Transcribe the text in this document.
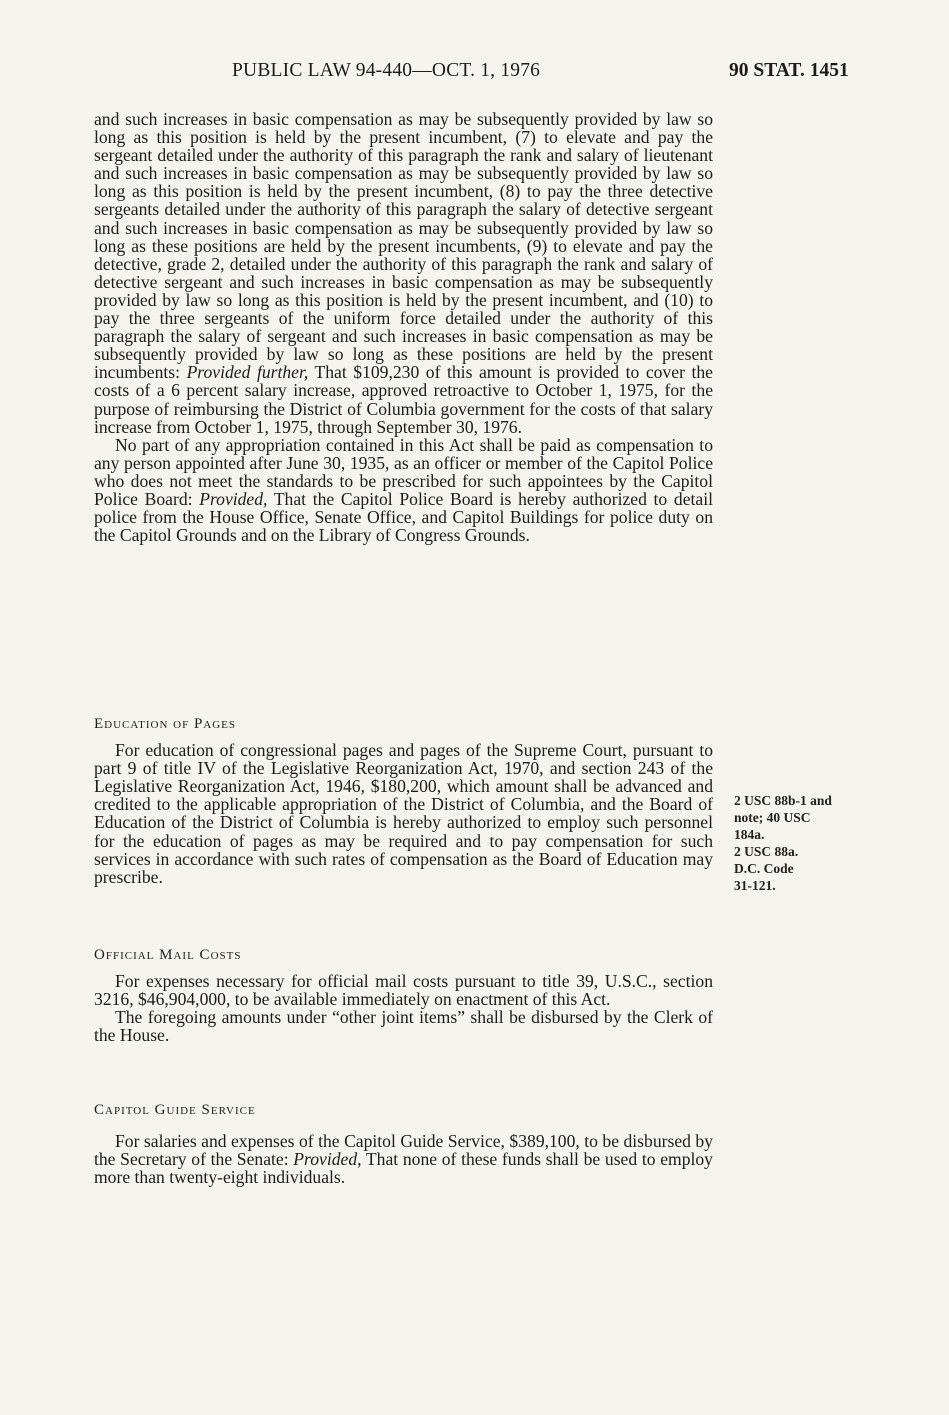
PUBLIC LAW 94-440—OCT. 1, 1976	90 STAT. 1451

and such increases in basic compensation as may be subsequently provided by law so long as this position is held by the present incumbent, (7) to elevate and pay the sergeant detailed under the authority of this paragraph the rank and salary of lieutenant and such increases in basic compensation as may be subsequently provided by law so long as this position is held by the present incumbent, (8) to pay the three detective sergeants detailed under the authority of this paragraph the salary of detective sergeant and such increases in basic compensation as may be subsequently provided by law so long as these positions are held by the present incumbents, (9) to elevate and pay the detective, grade 2, detailed under the authority of this paragraph the rank and salary of detective sergeant and such increases in basic compensation as may be subsequently provided by law so long as this position is held by the present incumbent, and (10) to pay the three sergeants of the uniform force detailed under the authority of this paragraph the salary of sergeant and such increases in basic compensation as may be subsequently provided by law so long as these positions are held by the present incumbents: Provided further, That $109,230 of this amount is provided to cover the costs of a 6 percent salary increase, approved retroactive to October 1, 1975, for the purpose of reimbursing the District of Columbia government for the costs of that salary increase from October 1, 1975, through September 30, 1976.

No part of any appropriation contained in this Act shall be paid as compensation to any person appointed after June 30, 1935, as an officer or member of the Capitol Police who does not meet the standards to be prescribed for such appointees by the Capitol Police Board: Provided, That the Capitol Police Board is hereby authorized to detail police from the House Office, Senate Office, and Capitol Buildings for police duty on the Capitol Grounds and on the Library of Congress Grounds.

Education of Pages

For education of congressional pages and pages of the Supreme Court, pursuant to part 9 of title IV of the Legislative Reorganization Act, 1970, and section 243 of the Legislative Reorganization Act, 1946, $180,200, which amount shall be advanced and credited to the applicable appropriation of the District of Columbia, and the Board of Education of the District of Columbia is hereby authorized to employ such personnel for the education of pages as may be required and to pay compensation for such services in accordance with such rates of compensation as the Board of Education may prescribe.

Official Mail Costs

For expenses necessary for official mail costs pursuant to title 39, U.S.C., section 3216, $46,904,000, to be available immediately on enactment of this Act.

The foregoing amounts under “other joint items” shall be disbursed by the Clerk of the House.

Capitol Guide Service

For salaries and expenses of the Capitol Guide Service, $389,100, to be disbursed by the Secretary of the Senate: Provided, That none of these funds shall be used to employ more than twenty-eight individuals.

2 USC 88b-1 and
note; 40 USC
184a.
2 USC 88a.
D.C. Code
31-121.
